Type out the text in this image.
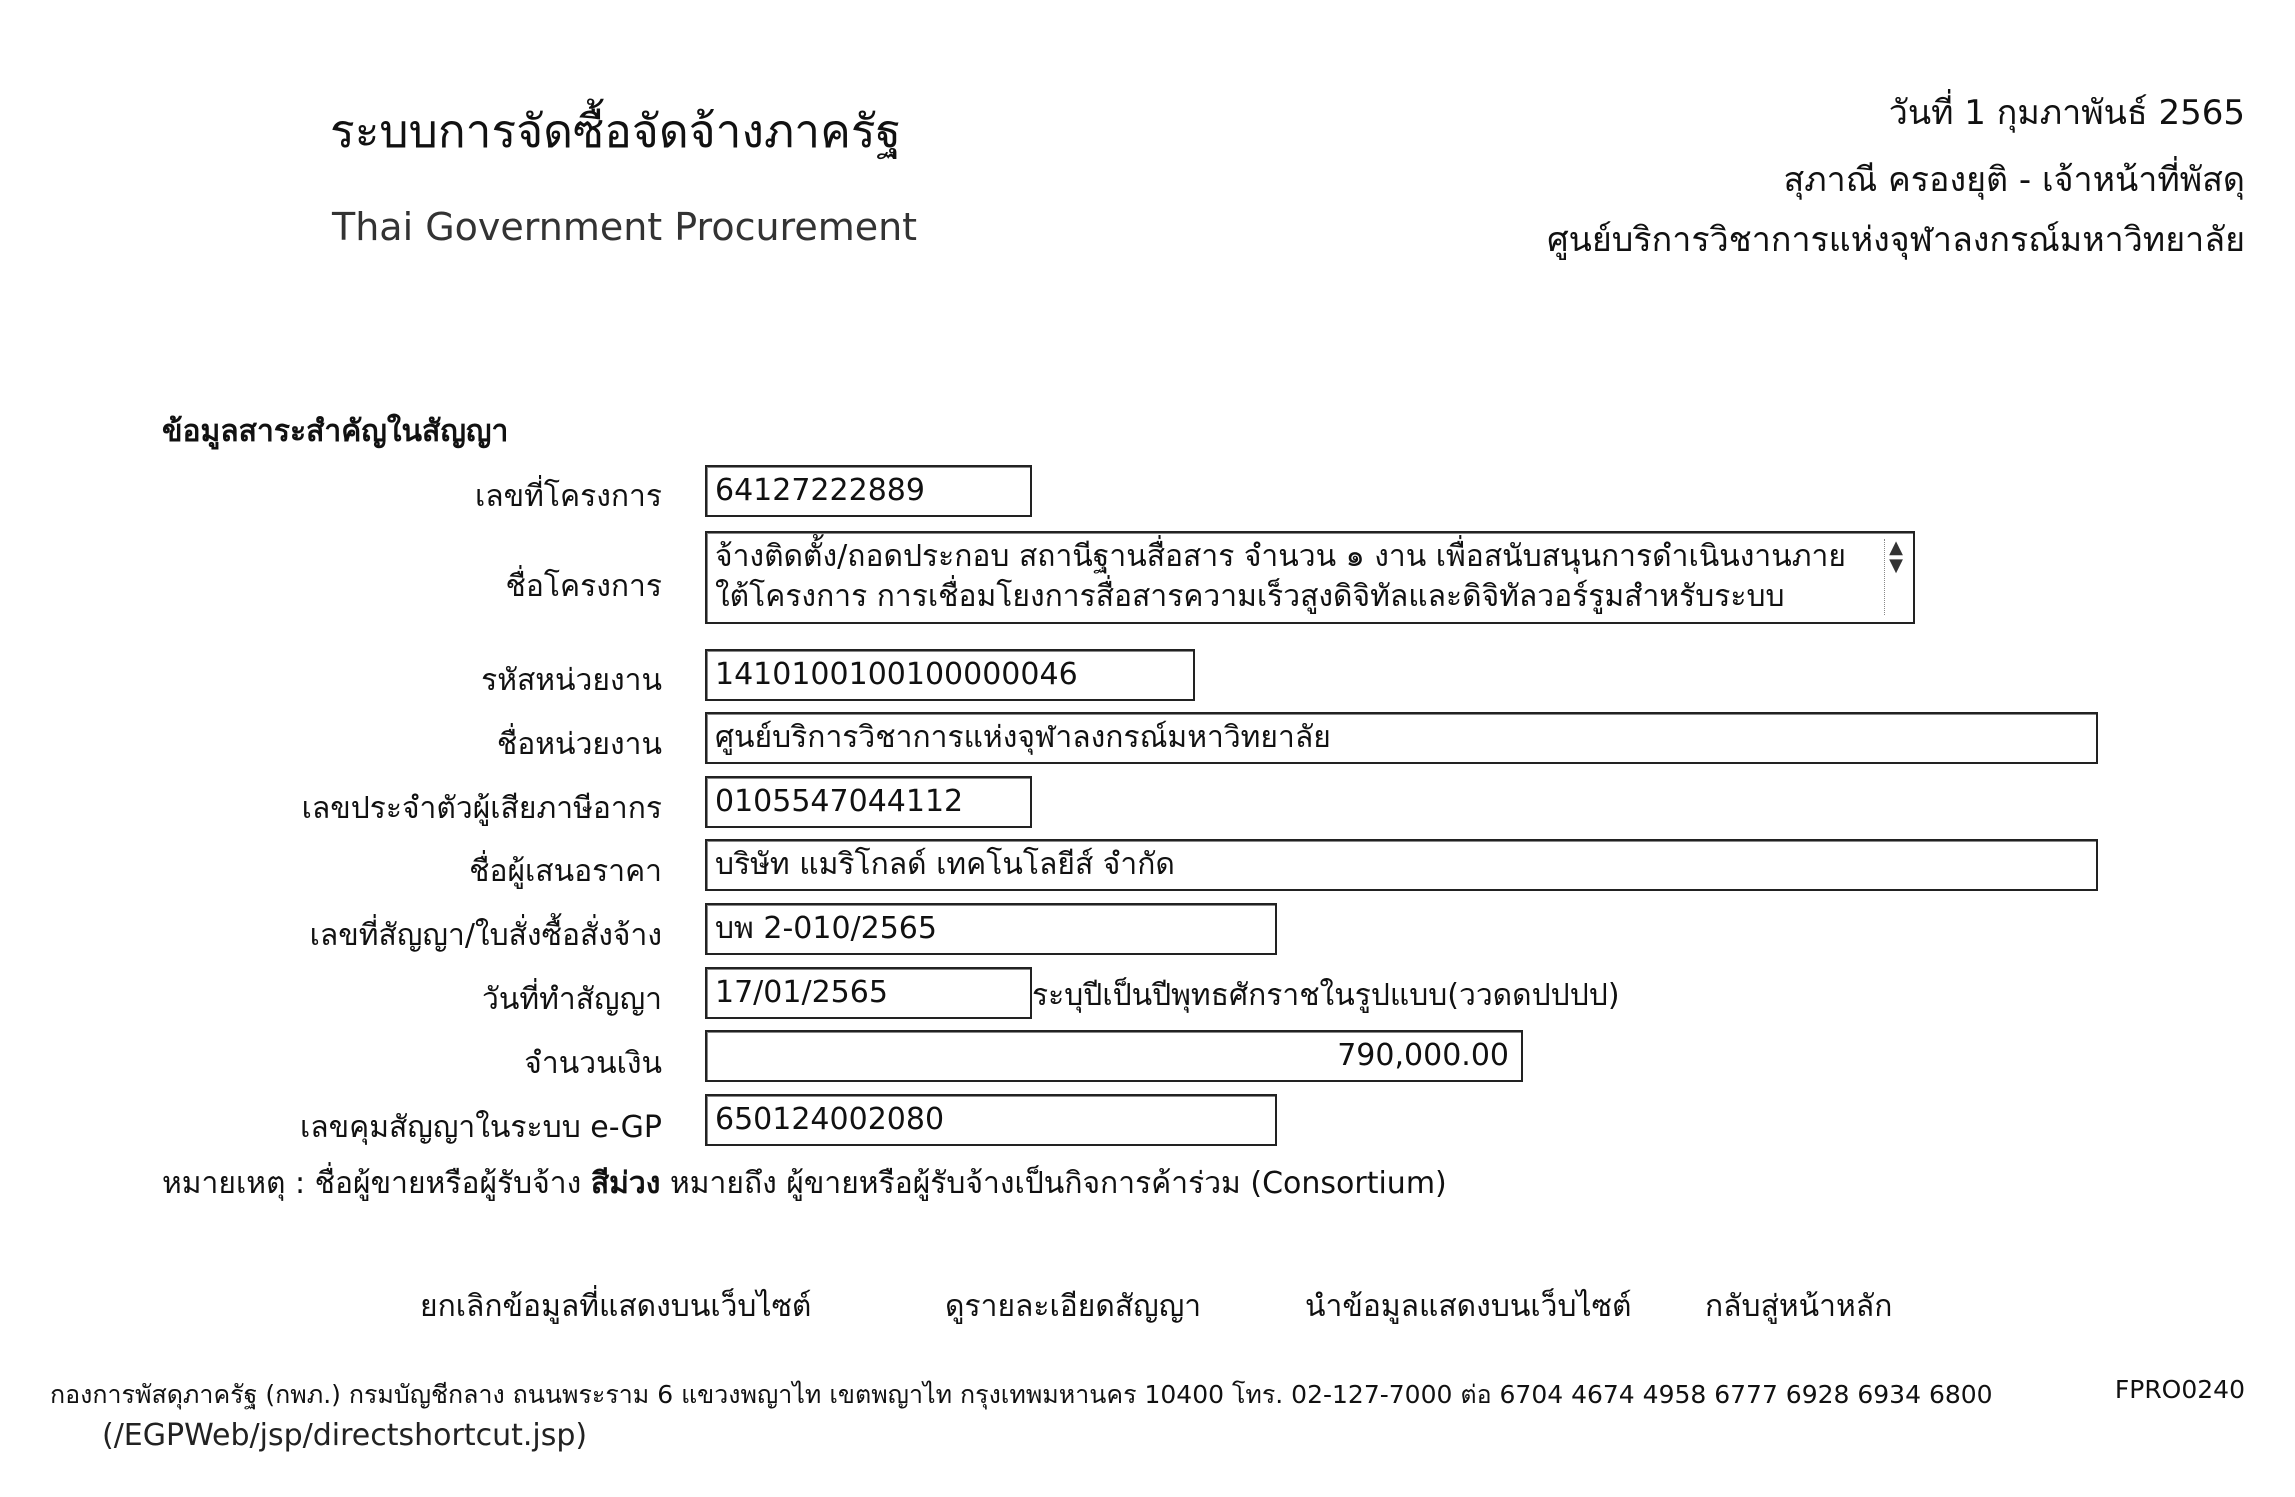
ระบบการจัดซื้อจัดจ้างภาครัฐ
Thai Government Procurement
วันที่ 1 กุมภาพันธ์ 2565
สุภาณี ครองยุติ - เจ้าหน้าที่พัสดุ
ศูนย์บริการวิชาการแห่งจุฬาลงกรณ์มหาวิทยาลัย
ข้อมูลสาระสำคัญในสัญญา
เลขที่โครงการ	64127222889
ชื่อโครงการ
จ้างติดตั้ง/ถอดประกอบ สถานีฐานสื่อสาร จำนวน ๑ งาน เพื่อสนับสนุนการดำเนินงานภายใต้โครงการ การเชื่อมโยงการสื่อสารความเร็วสูงดิจิทัลและดิจิทัลวอร์รูมสำหรับระบบ
▲
▼
รหัสหน่วยงาน	1410100100100000046
ชื่อหน่วยงาน	ศูนย์บริการวิชาการแห่งจุฬาลงกรณ์มหาวิทยาลัย
เลขประจำตัวผู้เสียภาษีอากร	0105547044112
ชื่อผู้เสนอราคา	บริษัท แมริโกลด์ เทคโนโลยีส์ จำกัด
เลขที่สัญญา/ใบสั่งซื้อสั่งจ้าง	บพ 2-010/2565
วันที่ทำสัญญา	17/01/2565	ระบุปีเป็นปีพุทธศักราชในรูปแบบ(ววดดปปปป)
จำนวนเงิน	790,000.00
เลขคุมสัญญาในระบบ e-GP	650124002080
หมายเหตุ : ชื่อผู้ขายหรือผู้รับจ้าง สีม่วง หมายถึง ผู้ขายหรือผู้รับจ้างเป็นกิจการค้าร่วม (Consortium)
ยกเลิกข้อมูลที่แสดงบนเว็บไซต์	ดูรายละเอียดสัญญา	นำข้อมูลแสดงบนเว็บไซต์ กลับสู่หน้าหลัก
กองการพัสดุภาครัฐ (กพภ.) กรมบัญชีกลาง ถนนพระราม 6 แขวงพญาไท เขตพญาไท กรุงเทพมหานคร 10400 โทร. 02-127-7000 ต่อ 6704 4674 4958 6777 6928 6934 6800	FPRO0240
(/EGPWeb/jsp/directshortcut.jsp)
